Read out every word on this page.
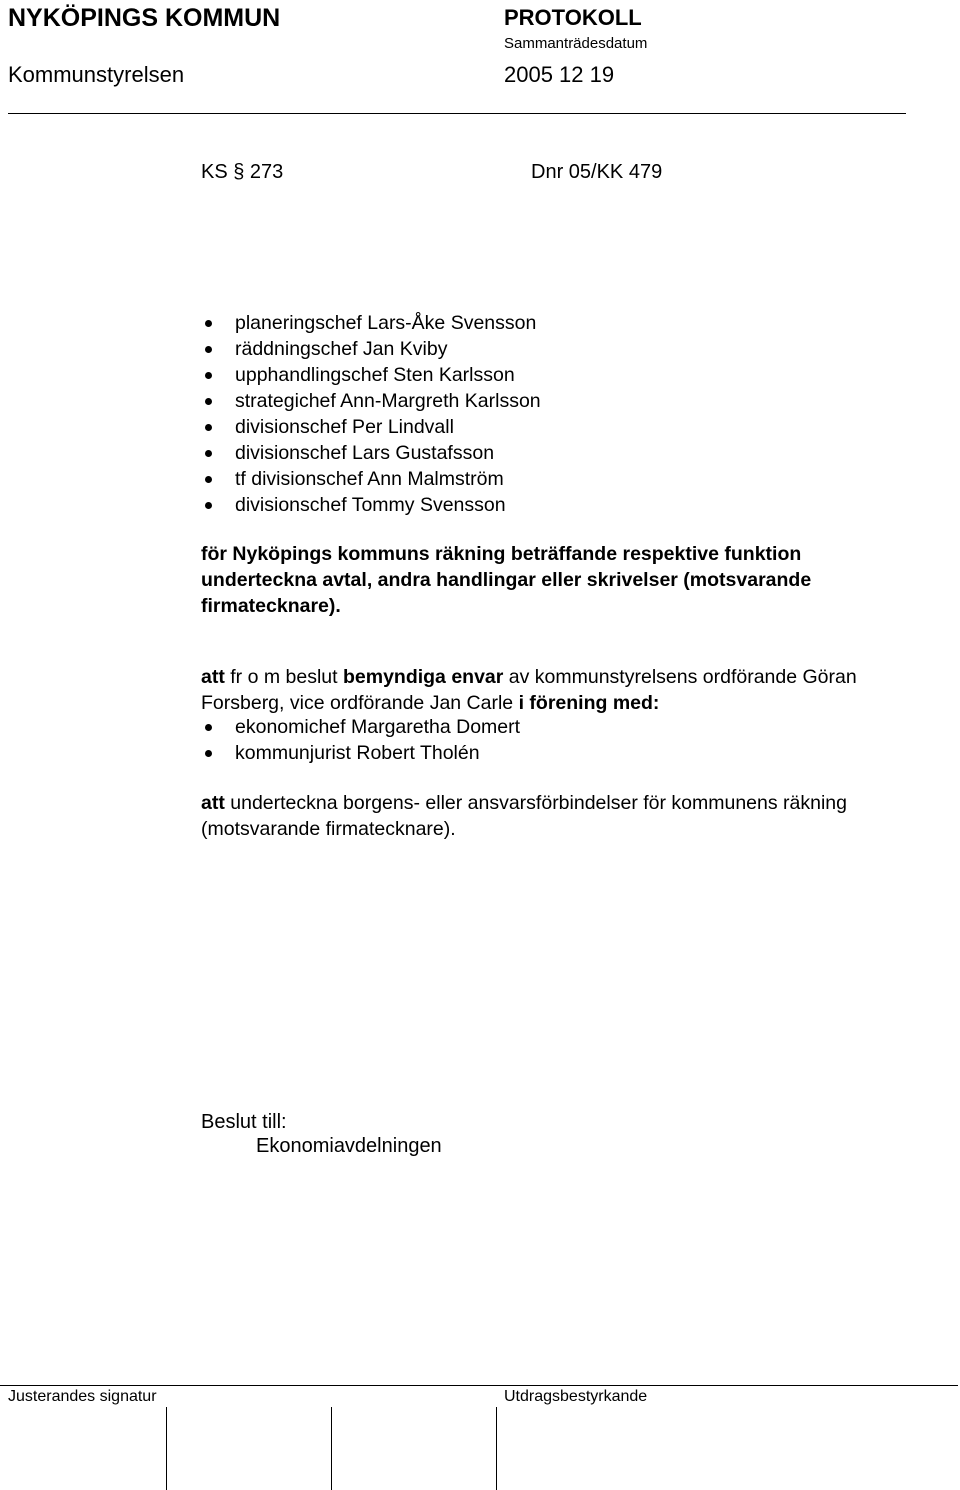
NYKÖPINGS KOMMUN	PROTOKOLL
Sammanträdesdatum
Kommunstyrelsen	2005 12 19
KS § 273	Dnr 05/KK 479
planeringschef Lars-Åke Svensson
räddningschef Jan Kviby
upphandlingschef Sten Karlsson
strategichef Ann-Margreth Karlsson
divisionschef Per Lindvall
divisionschef Lars Gustafsson
tf divisionschef Ann Malmström
divisionschef Tommy Svensson

för Nyköpings kommuns räkning beträffande respektive funktion underteckna avtal, andra handlingar eller skrivelser (motsvarande firmatecknare).

att fr o m beslut bemyndiga envar av kommunstyrelsens ordförande Göran Forsberg, vice ordförande Jan Carle i förening med:

ekonomichef Margaretha Domert
kommunjurist Robert Tholén

att underteckna borgens- eller ansvarsförbindelser för kommunens räkning (motsvarande firmatecknare).

Beslut till:
Ekonomiavdelningen
Justerandes signatur	Utdragsbestyrkande
